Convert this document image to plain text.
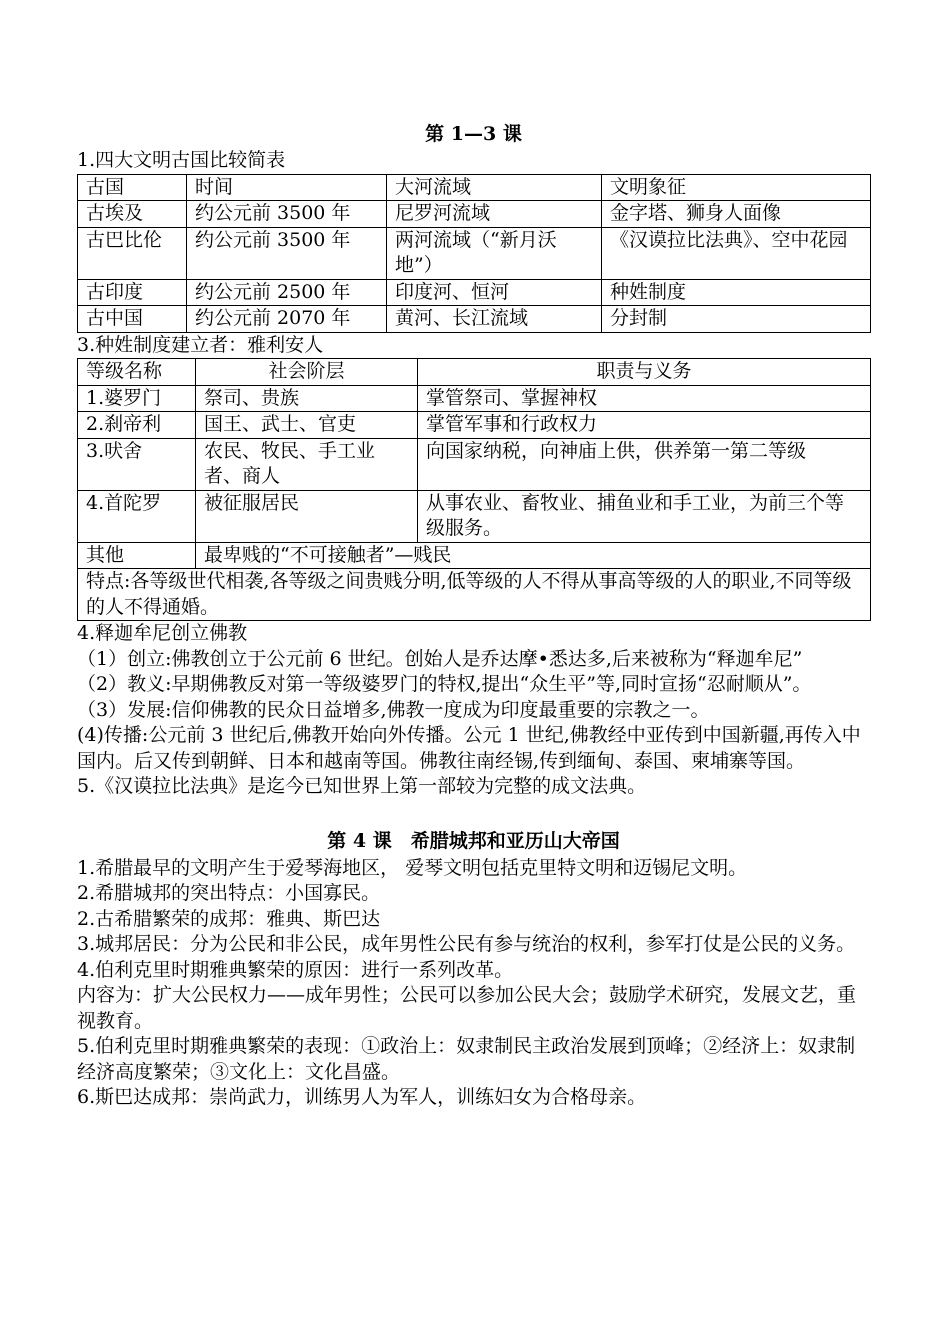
第 1—3 课
1.四大文明古国比较简表
古国	时间	大河流域	文明象征
古埃及	约公元前 3500 年	尼罗河流域	金字塔、狮身人面像
古巴比伦	约公元前 3500 年	两河流域（“新月沃地”）	《汉谟拉比法典》、空中花园
古印度	约公元前 2500 年	印度河、恒河	种姓制度
古中国	约公元前 2070 年	黄河、长江流域	分封制
3.种姓制度建立者：雅利安人
等级名称	社会阶层	职责与义务
1.婆罗门	祭司、贵族	掌管祭司、掌握神权
2.刹帝利	国王、武士、官吏	掌管军事和行政权力
3.吠舍	农民、牧民、手工业者、商人	向国家纳税，向神庙上供，供养第一第二等级
4.首陀罗	被征服居民	从事农业、畜牧业、捕鱼业和手工业，为前三个等级服务。
其他	最卑贱的“不可接触者”—贱民	
特点:各等级世代相袭,各等级之间贵贱分明,低等级的人不得从事高等级的人的职业,不同等级的人不得通婚。		

4.释迦牟尼创立佛教

（1）创立:佛教创立于公元前 6 世纪。创始人是乔达摩•悉达多,后来被称为“释迦牟尼”

（2）教义:早期佛教反对第一等级婆罗门的特权,提出“众生平”等,同时宣扬“忍耐顺从”。

（3）发展:信仰佛教的民众日益增多,佛教一度成为印度最重要的宗教之一。

(4)传播:公元前 3 世纪后,佛教开始向外传播。公元 1 世纪,佛教经中亚传到中国新疆,再传入中国内。后又传到朝鲜、日本和越南等国。佛教往南经锡,传到缅甸、泰国、柬埔寨等国。

5.《汉谟拉比法典》是迄今已知世界上第一部较为完整的成文法典。

第 4 课　希腊城邦和亚历山大帝国

1.希腊最早的文明产生于爱琴海地区， 爱琴文明包括克里特文明和迈锡尼文明。

2.希腊城邦的突出特点：小国寡民。

2.古希腊繁荣的成邦：雅典、斯巴达

3.城邦居民：分为公民和非公民，成年男性公民有参与统治的权利，参军打仗是公民的义务。

4.伯利克里时期雅典繁荣的原因：进行一系列改革。

内容为：扩大公民权力——成年男性；公民可以参加公民大会；鼓励学术研究，发展文艺，重视教育。

5.伯利克里时期雅典繁荣的表现：①政治上：奴隶制民主政治发展到顶峰；②经济上：奴隶制经济高度繁荣；③文化上：文化昌盛。

6.斯巴达成邦：崇尚武力，训练男人为军人，训练妇女为合格母亲。
